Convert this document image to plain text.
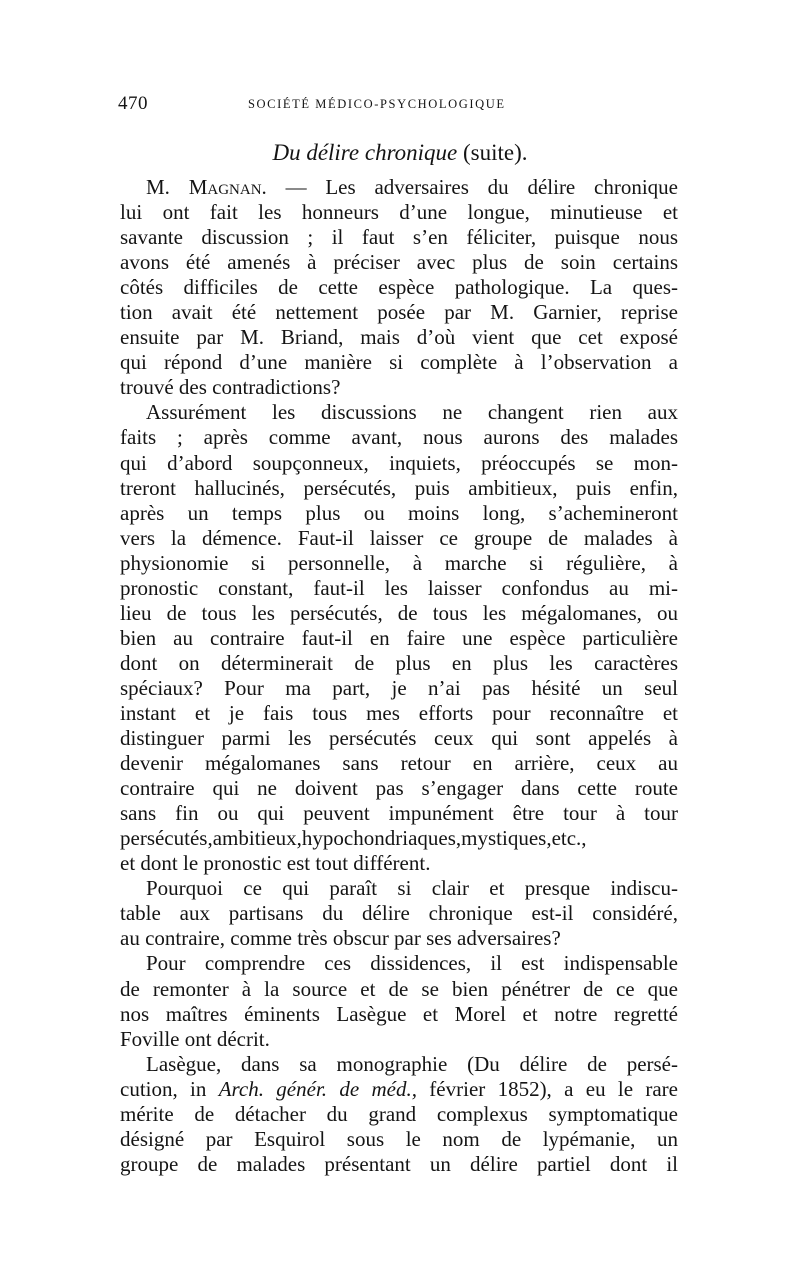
470	SOCIÉTÉ MÉDICO-PSYCHOLOGIQUE
Du délire chronique (suite).
M. Magnan. — Les adversaires du délire chronique
lui ont fait les honneurs d’une longue, minutieuse et
savante discussion ; il faut s’en féliciter, puisque nous
avons été amenés à préciser avec plus de soin certains
côtés difficiles de cette espèce pathologique. La ques-
tion avait été nettement posée par M. Garnier, reprise
ensuite par M. Briand, mais d’où vient que cet exposé
qui répond d’une manière si complète à l’observation a
trouvé des contradictions?
Assurément les discussions ne changent rien aux
faits ; après comme avant, nous aurons des malades
qui d’abord soupçonneux, inquiets, préoccupés se mon-
treront hallucinés, persécutés, puis ambitieux, puis enfin,
après un temps plus ou moins long, s’achemineront
vers la démence. Faut-il laisser ce groupe de malades à
physionomie si personnelle, à marche si régulière, à
pronostic constant, faut-il les laisser confondus au mi-
lieu de tous les persécutés, de tous les mégalomanes, ou
bien au contraire faut-il en faire une espèce particulière
dont on déterminerait de plus en plus les caractères
spéciaux? Pour ma part, je n’ai pas hésité un seul
instant et je fais tous mes efforts pour reconnaître et
distinguer parmi les persécutés ceux qui sont appelés à
devenir mégalomanes sans retour en arrière, ceux au
contraire qui ne doivent pas s’engager dans cette route
sans fin ou qui peuvent impunément être tour à tour
persécutés,ambitieux,hypochondriaques,mystiques,etc.,
et dont le pronostic est tout différent.
Pourquoi ce qui paraît si clair et presque indiscu-
table aux partisans du délire chronique est-il considéré,
au contraire, comme très obscur par ses adversaires?
Pour comprendre ces dissidences, il est indispensable
de remonter à la source et de se bien pénétrer de ce que
nos maîtres éminents Lasègue et Morel et notre regretté
Foville ont décrit.
Lasègue, dans sa monographie (Du délire de persé-
cution, in Arch. génér. de méd., février 1852), a eu le rare
mérite de détacher du grand complexus symptomatique
désigné par Esquirol sous le nom de lypémanie, un
groupe de malades présentant un délire partiel dont il
